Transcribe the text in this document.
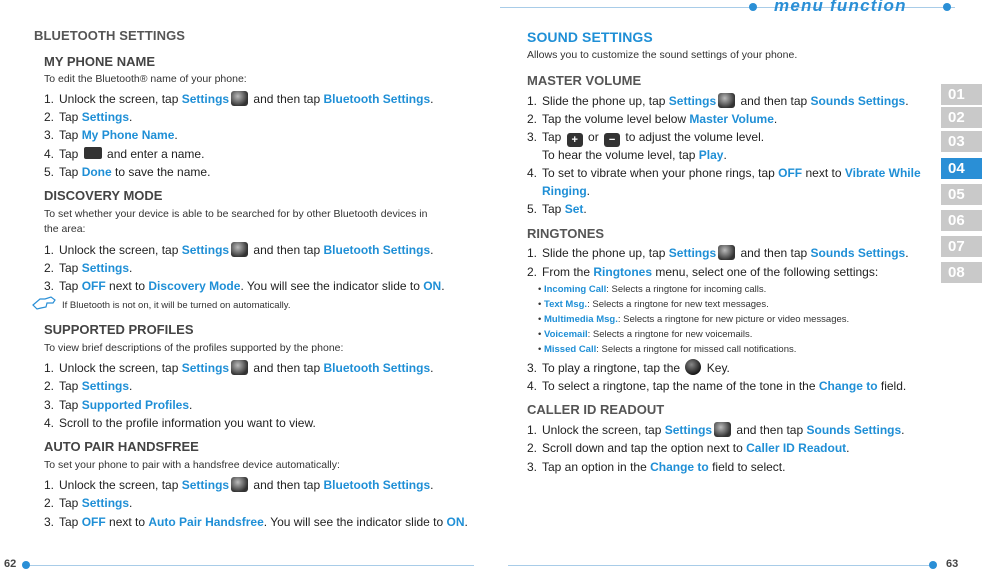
menu function
01
02
03
04
05
06
07
08
BLUETOOTH SETTINGS
MY PHONE NAME
To edit the Bluetooth® name of your phone:
1. Unlock the screen, tap Settings and then tap Bluetooth Settings.
2. Tap Settings.
3. Tap My Phone Name.
4. Tap  and enter a name.
5. Tap Done to save the name.
DISCOVERY MODE
To set whether your device is able to be searched for by other Bluetooth devices in
the area:
1. Unlock the screen, tap Settings and then tap Bluetooth Settings.
2. Tap Settings.
3. Tap OFF next to Discovery Mode. You will see the indicator slide to ON.
If Bluetooth is not on, it will be turned on automatically.
SUPPORTED PROFILES
To view brief descriptions of the profiles supported by the phone:
1. Unlock the screen, tap Settings and then tap Bluetooth Settings.
2. Tap Settings.
3. Tap Supported Profiles.
4. Scroll to the profile information you want to view.
AUTO PAIR HANDSFREE
To set your phone to pair with a handsfree device automatically:
1. Unlock the screen, tap Settings and then tap Bluetooth Settings.
2. Tap Settings.
3. Tap OFF next to Auto Pair Handsfree. You will see the indicator slide to ON.
SOUND SETTINGS
Allows you to customize the sound settings of your phone.
MASTER VOLUME
1. Slide the phone up, tap Settings and then tap Sounds Settings.
2. Tap the volume level below Master Volume.
3. Tap + or − to adjust the volume level.
To hear the volume level, tap Play.
4. To set to vibrate when your phone rings, tap OFF next to Vibrate While
Ringing.
5. Tap Set.
RINGTONES
1. Slide the phone up, tap Settings and then tap Sounds Settings.
2. From the Ringtones menu, select one of the following settings:
• Incoming Call: Selects a ringtone for incoming calls.
• Text Msg.: Selects a ringtone for new text messages.
• Multimedia Msg.: Selects a ringtone for new picture or video messages.
• Voicemail: Selects a ringtone for new voicemails.
• Missed Call: Selects a ringtone for missed call notifications.
3. To play a ringtone, tap the  Key.
4. To select a ringtone, tap the name of the tone in the Change to field.
CALLER ID READOUT
1. Unlock the screen, tap Settings and then tap Sounds Settings.
2. Scroll down and tap the option next to Caller ID Readout.
3. Tap an option in the Change to field to select.
62	63
